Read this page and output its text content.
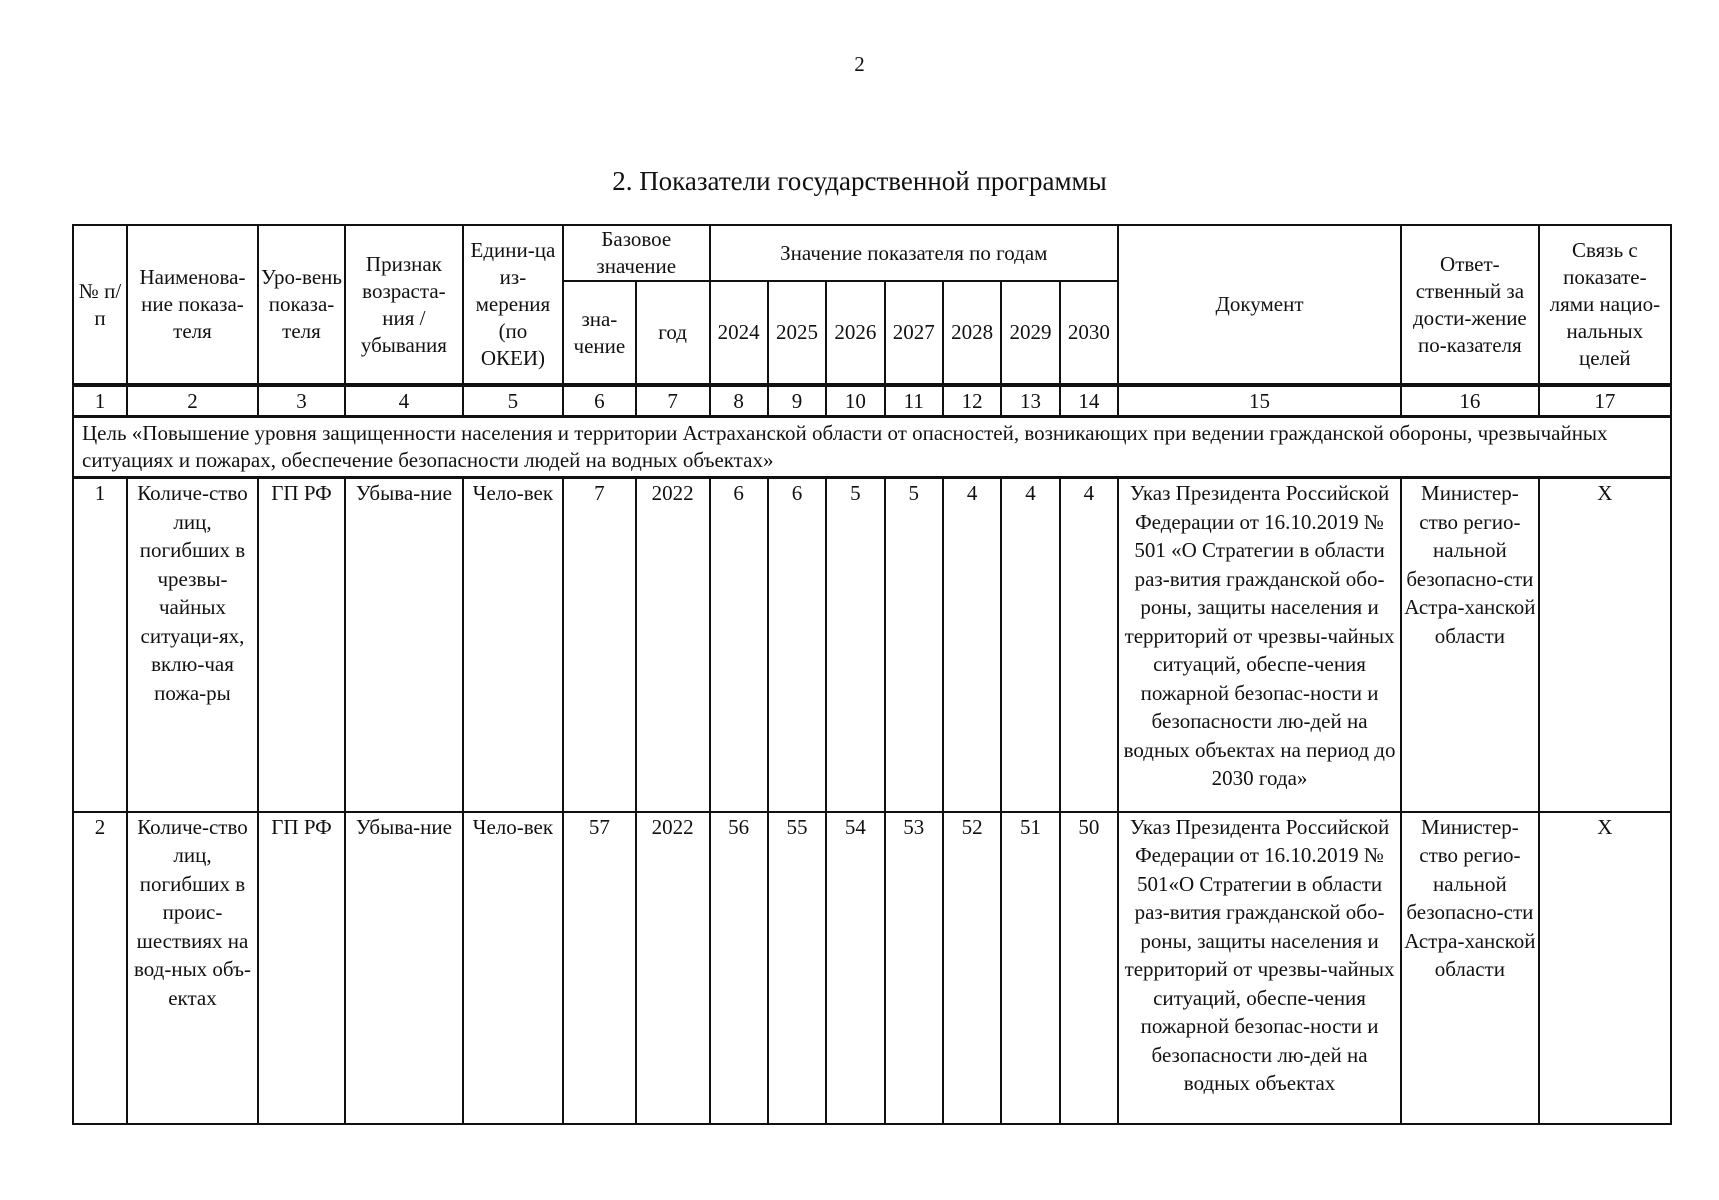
2
2. Показатели государственной программы
№ п/п	Наименова-ние показа-теля	Уро-вень показа-теля	Признак возраста-ния / убывания	Едини-ца из-мерения (по ОКЕИ)	Базовое значение		Значение показателя по годам							Документ	Ответ-ственный за дости-жение по-казателя	Связь с показате-лями нацио-нальных целей
					зна-чение	год	2024	2025	2026	2027	2028	2029	2030			
1	2	3	4	5	6	7	8	9	10	11	12	13	14	15	16	17
Цель «Повышение уровня защищенности населения и территории Астраханской области от опасностей, возникающих при ведении гражданской обороны, чрезвычайных ситуациях и пожарах, обеспечение безопасности людей на водных объектах»																
1	Количе-ство лиц, погибших в чрезвы-чайных ситуаци-ях, вклю-чая пожа-ры	ГП РФ	Убыва-ние	Чело-век	7	2022	6	6	5	5	4	4	4	Указ Президента Российской Федерации от 16.10.2019 № 501 «О Стратегии в области раз-вития гражданской обо-роны, защиты населения и территорий от чрезвы-чайных ситуаций, обеспе-чения пожарной безопас-ности и безопасности лю-дей на водных объектах на период до 2030 года»	Министер-ство регио-нальной безопасно-сти Астра-ханской области	Х
2	Количе-ство лиц, погибших в проис-шествиях на вод-ных объ-ектах	ГП РФ	Убыва-ние	Чело-век	57	2022	56	55	54	53	52	51	50	Указ Президента Российской Федерации от 16.10.2019 № 501«О Стратегии в области раз-вития гражданской обо-роны, защиты населения и территорий от чрезвы-чайных ситуаций, обеспе-чения пожарной безопас-ности и безопасности лю-дей на водных объектах	Министер-ство регио-нальной безопасно-сти Астра-ханской области	Х
